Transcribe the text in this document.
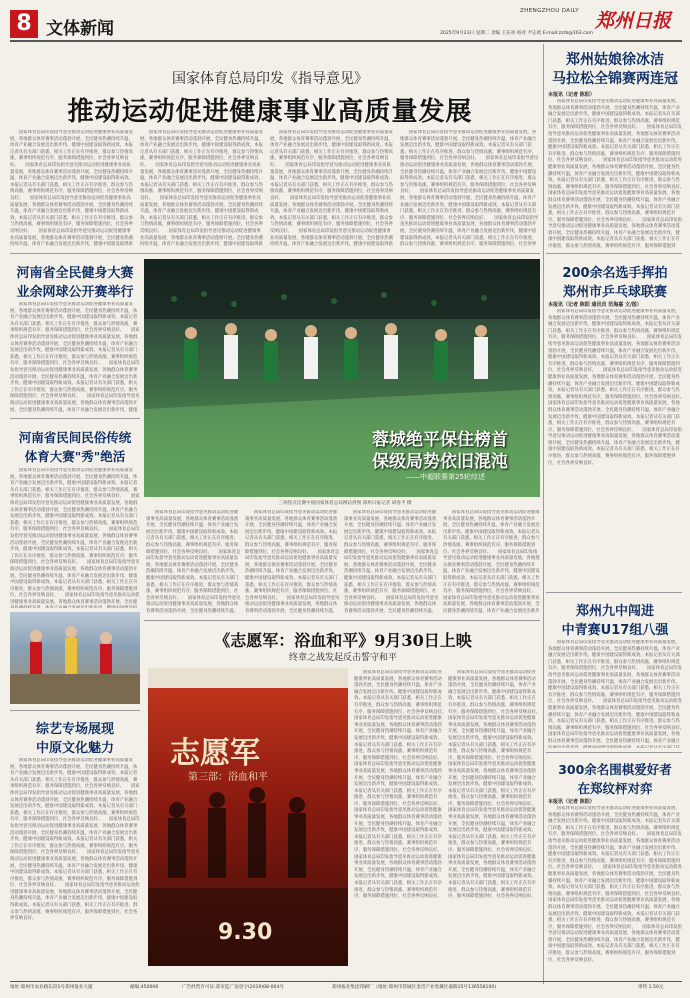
8 文体新闻
ZHENGZHOU DAILY 郑州日报
2025年9月23日 星期二 责编 王东亮 校对 尹志勇 E-mail:zzrb@163.com
国家体育总局印发《指导意见》
推动运动促进健康事业高质量发展
　　国家体育总局印发指导意见推动运动促进健康事业高质量发展，各地群众体育赛事活动蓬勃开展，全民健身热潮持续升温，体育产业融合发展迈出新步伐，健康中国建设取得新成效。本报记者从有关部门获悉，相关工作正在有序推进，群众参与热情高涨，赛事组织规范有序，服务保障措施到位，社会各界反响良好。　　国家体育总局印发指导意见推动运动促进健康事业高质量发展，各地群众体育赛事活动蓬勃开展，全民健身热潮持续升温，体育产业融合发展迈出新步伐，健康中国建设取得新成效。本报记者从有关部门获悉，相关工作正在有序推进，群众参与热情高涨，赛事组织规范有序，服务保障措施到位，社会各界反响良好。　　国家体育总局印发指导意见推动运动促进健康事业高质量发展，各地群众体育赛事活动蓬勃开展，全民健身热潮持续升温，体育产业融合发展迈出新步伐，健康中国建设取得新成效。本报记者从有关部门获悉，相关工作正在有序推进，群众参与热情高涨，赛事组织规范有序，服务保障措施到位，社会各界反响良好。　　国家体育总局印发指导意见推动运动促进健康事业高质量发展，各地群众体育赛事活动蓬勃开展，全民健身热潮持续升温，体育产业融合发展迈出新步伐，健康中国建设取得新成效。本报记者从有关部门获悉，相关工作正在有序推进，群众参与热情高涨，赛事组织规范有序，服务保障措施到位，社会各界反响良好。　　国家体育总局印发指导意见推动运动促进健康事业高质量发展，各地群众体育赛事活动蓬勃开展，全民健身热潮持续升温，体育产业融合发展迈出新步伐，健康中国建设取得新成效。本报记者从有关部门获悉，相关工作正在有序推进，群众参与热情高涨，赛事组织规范有序，服务保障措施到位，社会各界反响良好。
　　国家体育总局印发指导意见推动运动促进健康事业高质量发展，各地群众体育赛事活动蓬勃开展，全民健身热潮持续升温，体育产业融合发展迈出新步伐，健康中国建设取得新成效。本报记者从有关部门获悉，相关工作正在有序推进，群众参与热情高涨，赛事组织规范有序，服务保障措施到位，社会各界反响良好。　　国家体育总局印发指导意见推动运动促进健康事业高质量发展，各地群众体育赛事活动蓬勃开展，全民健身热潮持续升温，体育产业融合发展迈出新步伐，健康中国建设取得新成效。本报记者从有关部门获悉，相关工作正在有序推进，群众参与热情高涨，赛事组织规范有序，服务保障措施到位，社会各界反响良好。　　国家体育总局印发指导意见推动运动促进健康事业高质量发展，各地群众体育赛事活动蓬勃开展，全民健身热潮持续升温，体育产业融合发展迈出新步伐，健康中国建设取得新成效。本报记者从有关部门获悉，相关工作正在有序推进，群众参与热情高涨，赛事组织规范有序，服务保障措施到位，社会各界反响良好。　　国家体育总局印发指导意见推动运动促进健康事业高质量发展，各地群众体育赛事活动蓬勃开展，全民健身热潮持续升温，体育产业融合发展迈出新步伐，健康中国建设取得新成效。本报记者从有关部门获悉，相关工作正在有序推进，群众参与热情高涨，赛事组织规范有序，服务保障措施到位，社会各界反响良好。　　国家体育总局印发指导意见推动运动促进健康事业高质量发展，各地群众体育赛事活动蓬勃开展，全民健身热潮持续升温，体育产业融合发展迈出新步伐，健康中国建设取得新成效。本报记者从有关部门获悉，相关工作正在有序推进，群众参与热情高涨，赛事组织规范有序，服务保障措施到位，社会各界反响良好。
　　国家体育总局印发指导意见推动运动促进健康事业高质量发展，各地群众体育赛事活动蓬勃开展，全民健身热潮持续升温，体育产业融合发展迈出新步伐，健康中国建设取得新成效。本报记者从有关部门获悉，相关工作正在有序推进，群众参与热情高涨，赛事组织规范有序，服务保障措施到位，社会各界反响良好。　　国家体育总局印发指导意见推动运动促进健康事业高质量发展，各地群众体育赛事活动蓬勃开展，全民健身热潮持续升温，体育产业融合发展迈出新步伐，健康中国建设取得新成效。本报记者从有关部门获悉，相关工作正在有序推进，群众参与热情高涨，赛事组织规范有序，服务保障措施到位，社会各界反响良好。　　国家体育总局印发指导意见推动运动促进健康事业高质量发展，各地群众体育赛事活动蓬勃开展，全民健身热潮持续升温，体育产业融合发展迈出新步伐，健康中国建设取得新成效。本报记者从有关部门获悉，相关工作正在有序推进，群众参与热情高涨，赛事组织规范有序，服务保障措施到位，社会各界反响良好。　　国家体育总局印发指导意见推动运动促进健康事业高质量发展，各地群众体育赛事活动蓬勃开展，全民健身热潮持续升温，体育产业融合发展迈出新步伐，健康中国建设取得新成效。本报记者从有关部门获悉，相关工作正在有序推进，群众参与热情高涨，赛事组织规范有序，服务保障措施到位，社会各界反响良好。　　国家体育总局印发指导意见推动运动促进健康事业高质量发展，各地群众体育赛事活动蓬勃开展，全民健身热潮持续升温，体育产业融合发展迈出新步伐，健康中国建设取得新成效。本报记者从有关部门获悉，相关工作正在有序推进，群众参与热情高涨，赛事组织规范有序，服务保障措施到位，社会各界反响良好。
　　国家体育总局印发指导意见推动运动促进健康事业高质量发展，各地群众体育赛事活动蓬勃开展，全民健身热潮持续升温，体育产业融合发展迈出新步伐，健康中国建设取得新成效。本报记者从有关部门获悉，相关工作正在有序推进，群众参与热情高涨，赛事组织规范有序，服务保障措施到位，社会各界反响良好。　　国家体育总局印发指导意见推动运动促进健康事业高质量发展，各地群众体育赛事活动蓬勃开展，全民健身热潮持续升温，体育产业融合发展迈出新步伐，健康中国建设取得新成效。本报记者从有关部门获悉，相关工作正在有序推进，群众参与热情高涨，赛事组织规范有序，服务保障措施到位，社会各界反响良好。　　国家体育总局印发指导意见推动运动促进健康事业高质量发展，各地群众体育赛事活动蓬勃开展，全民健身热潮持续升温，体育产业融合发展迈出新步伐，健康中国建设取得新成效。本报记者从有关部门获悉，相关工作正在有序推进，群众参与热情高涨，赛事组织规范有序，服务保障措施到位，社会各界反响良好。　　国家体育总局印发指导意见推动运动促进健康事业高质量发展，各地群众体育赛事活动蓬勃开展，全民健身热潮持续升温，体育产业融合发展迈出新步伐，健康中国建设取得新成效。本报记者从有关部门获悉，相关工作正在有序推进，群众参与热情高涨，赛事组织规范有序，服务保障措施到位，社会各界反响良好。　　国家体育总局印发指导意见推动运动促进健康事业高质量发展，各地群众体育赛事活动蓬勃开展，全民健身热潮持续升温，体育产业融合发展迈出新步伐，健康中国建设取得新成效。本报记者从有关部门获悉，相关工作正在有序推进，群众参与热情高涨，赛事组织规范有序，服务保障措施到位，社会各界反响良好。
郑州姑娘徐冰洁
马拉松全锦赛两连冠
本报讯（记者 陈阳）
　　国家体育总局印发指导意见推动运动促进健康事业高质量发展，各地群众体育赛事活动蓬勃开展，全民健身热潮持续升温，体育产业融合发展迈出新步伐，健康中国建设取得新成效。本报记者从有关部门获悉，相关工作正在有序推进，群众参与热情高涨，赛事组织规范有序，服务保障措施到位，社会各界反响良好。　　国家体育总局印发指导意见推动运动促进健康事业高质量发展，各地群众体育赛事活动蓬勃开展，全民健身热潮持续升温，体育产业融合发展迈出新步伐，健康中国建设取得新成效。本报记者从有关部门获悉，相关工作正在有序推进，群众参与热情高涨，赛事组织规范有序，服务保障措施到位，社会各界反响良好。　　国家体育总局印发指导意见推动运动促进健康事业高质量发展，各地群众体育赛事活动蓬勃开展，全民健身热潮持续升温，体育产业融合发展迈出新步伐，健康中国建设取得新成效。本报记者从有关部门获悉，相关工作正在有序推进，群众参与热情高涨，赛事组织规范有序，服务保障措施到位，社会各界反响良好。　　国家体育总局印发指导意见推动运动促进健康事业高质量发展，各地群众体育赛事活动蓬勃开展，全民健身热潮持续升温，体育产业融合发展迈出新步伐，健康中国建设取得新成效。本报记者从有关部门获悉，相关工作正在有序推进，群众参与热情高涨，赛事组织规范有序，服务保障措施到位，社会各界反响良好。　　国家体育总局印发指导意见推动运动促进健康事业高质量发展，各地群众体育赛事活动蓬勃开展，全民健身热潮持续升温，体育产业融合发展迈出新步伐，健康中国建设取得新成效。本报记者从有关部门获悉，相关工作正在有序推进，群众参与热情高涨，赛事组织规范有序，服务保障措施到位，社会各界反响良好。
河南省全民健身大赛
业余网球公开赛举行
　　国家体育总局印发指导意见推动运动促进健康事业高质量发展，各地群众体育赛事活动蓬勃开展，全民健身热潮持续升温，体育产业融合发展迈出新步伐，健康中国建设取得新成效。本报记者从有关部门获悉，相关工作正在有序推进，群众参与热情高涨，赛事组织规范有序，服务保障措施到位，社会各界反响良好。　　国家体育总局印发指导意见推动运动促进健康事业高质量发展，各地群众体育赛事活动蓬勃开展，全民健身热潮持续升温，体育产业融合发展迈出新步伐，健康中国建设取得新成效。本报记者从有关部门获悉，相关工作正在有序推进，群众参与热情高涨，赛事组织规范有序，服务保障措施到位，社会各界反响良好。　　国家体育总局印发指导意见推动运动促进健康事业高质量发展，各地群众体育赛事活动蓬勃开展，全民健身热潮持续升温，体育产业融合发展迈出新步伐，健康中国建设取得新成效。本报记者从有关部门获悉，相关工作正在有序推进，群众参与热情高涨，赛事组织规范有序，服务保障措施到位，社会各界反响良好。　　国家体育总局印发指导意见推动运动促进健康事业高质量发展，各地群众体育赛事活动蓬勃开展，全民健身热潮持续升温，体育产业融合发展迈出新步伐，健康中国建设取得新成效。本报记者从有关部门获悉，相关工作正在有序推进，群众参与热情高涨，赛事组织规范有序，服务保障措施到位，社会各界反响良好。　　国家体育总局印发指导意见推动运动促进健康事业高质量发展，各地群众体育赛事活动蓬勃开展，全民健身热潮持续升温，体育产业融合发展迈出新步伐，健康中国建设取得新成效。本报记者从有关部门获悉，相关工作正在有序推进，群众参与热情高涨，赛事组织规范有序，服务保障措施到位，社会各界反响良好。
蓉城绝平保住榜首
保级局势依旧混沌
——中超联赛第25轮综述
三场焦点比赛中国国家体育总局网站供图 郑州日报记者 胡春平 摄
　　国家体育总局印发指导意见推动运动促进健康事业高质量发展，各地群众体育赛事活动蓬勃开展，全民健身热潮持续升温，体育产业融合发展迈出新步伐，健康中国建设取得新成效。本报记者从有关部门获悉，相关工作正在有序推进，群众参与热情高涨，赛事组织规范有序，服务保障措施到位，社会各界反响良好。　　国家体育总局印发指导意见推动运动促进健康事业高质量发展，各地群众体育赛事活动蓬勃开展，全民健身热潮持续升温，体育产业融合发展迈出新步伐，健康中国建设取得新成效。本报记者从有关部门获悉，相关工作正在有序推进，群众参与热情高涨，赛事组织规范有序，服务保障措施到位，社会各界反响良好。　　国家体育总局印发指导意见推动运动促进健康事业高质量发展，各地群众体育赛事活动蓬勃开展，全民健身热潮持续升温，体育产业融合发展迈出新步伐，健康中国建设取得新成效。本报记者从有关部门获悉，相关工作正在有序推进，群众参与热情高涨，赛事组织规范有序，服务保障措施到位，社会各界反响良好。　　国家体育总局印发指导意见推动运动促进健康事业高质量发展，各地群众体育赛事活动蓬勃开展，全民健身热潮持续升温，体育产业融合发展迈出新步伐，健康中国建设取得新成效。本报记者从有关部门获悉，相关工作正在有序推进，群众参与热情高涨，赛事组织规范有序，服务保障措施到位，社会各界反响良好。　　国家体育总局印发指导意见推动运动促进健康事业高质量发展，各地群众体育赛事活动蓬勃开展，全民健身热潮持续升温，体育产业融合发展迈出新步伐，健康中国建设取得新成效。本报记者从有关部门获悉，相关工作正在有序推进，群众参与热情高涨，赛事组织规范有序，服务保障措施到位，社会各界反响良好。
　　国家体育总局印发指导意见推动运动促进健康事业高质量发展，各地群众体育赛事活动蓬勃开展，全民健身热潮持续升温，体育产业融合发展迈出新步伐，健康中国建设取得新成效。本报记者从有关部门获悉，相关工作正在有序推进，群众参与热情高涨，赛事组织规范有序，服务保障措施到位，社会各界反响良好。　　国家体育总局印发指导意见推动运动促进健康事业高质量发展，各地群众体育赛事活动蓬勃开展，全民健身热潮持续升温，体育产业融合发展迈出新步伐，健康中国建设取得新成效。本报记者从有关部门获悉，相关工作正在有序推进，群众参与热情高涨，赛事组织规范有序，服务保障措施到位，社会各界反响良好。　　国家体育总局印发指导意见推动运动促进健康事业高质量发展，各地群众体育赛事活动蓬勃开展，全民健身热潮持续升温，体育产业融合发展迈出新步伐，健康中国建设取得新成效。本报记者从有关部门获悉，相关工作正在有序推进，群众参与热情高涨，赛事组织规范有序，服务保障措施到位，社会各界反响良好。　　国家体育总局印发指导意见推动运动促进健康事业高质量发展，各地群众体育赛事活动蓬勃开展，全民健身热潮持续升温，体育产业融合发展迈出新步伐，健康中国建设取得新成效。本报记者从有关部门获悉，相关工作正在有序推进，群众参与热情高涨，赛事组织规范有序，服务保障措施到位，社会各界反响良好。　　国家体育总局印发指导意见推动运动促进健康事业高质量发展，各地群众体育赛事活动蓬勃开展，全民健身热潮持续升温，体育产业融合发展迈出新步伐，健康中国建设取得新成效。本报记者从有关部门获悉，相关工作正在有序推进，群众参与热情高涨，赛事组织规范有序，服务保障措施到位，社会各界反响良好。
　　国家体育总局印发指导意见推动运动促进健康事业高质量发展，各地群众体育赛事活动蓬勃开展，全民健身热潮持续升温，体育产业融合发展迈出新步伐，健康中国建设取得新成效。本报记者从有关部门获悉，相关工作正在有序推进，群众参与热情高涨，赛事组织规范有序，服务保障措施到位，社会各界反响良好。　　国家体育总局印发指导意见推动运动促进健康事业高质量发展，各地群众体育赛事活动蓬勃开展，全民健身热潮持续升温，体育产业融合发展迈出新步伐，健康中国建设取得新成效。本报记者从有关部门获悉，相关工作正在有序推进，群众参与热情高涨，赛事组织规范有序，服务保障措施到位，社会各界反响良好。　　国家体育总局印发指导意见推动运动促进健康事业高质量发展，各地群众体育赛事活动蓬勃开展，全民健身热潮持续升温，体育产业融合发展迈出新步伐，健康中国建设取得新成效。本报记者从有关部门获悉，相关工作正在有序推进，群众参与热情高涨，赛事组织规范有序，服务保障措施到位，社会各界反响良好。　　国家体育总局印发指导意见推动运动促进健康事业高质量发展，各地群众体育赛事活动蓬勃开展，全民健身热潮持续升温，体育产业融合发展迈出新步伐，健康中国建设取得新成效。本报记者从有关部门获悉，相关工作正在有序推进，群众参与热情高涨，赛事组织规范有序，服务保障措施到位，社会各界反响良好。　　国家体育总局印发指导意见推动运动促进健康事业高质量发展，各地群众体育赛事活动蓬勃开展，全民健身热潮持续升温，体育产业融合发展迈出新步伐，健康中国建设取得新成效。本报记者从有关部门获悉，相关工作正在有序推进，群众参与热情高涨，赛事组织规范有序，服务保障措施到位，社会各界反响良好。
　　国家体育总局印发指导意见推动运动促进健康事业高质量发展，各地群众体育赛事活动蓬勃开展，全民健身热潮持续升温，体育产业融合发展迈出新步伐，健康中国建设取得新成效。本报记者从有关部门获悉，相关工作正在有序推进，群众参与热情高涨，赛事组织规范有序，服务保障措施到位，社会各界反响良好。　　国家体育总局印发指导意见推动运动促进健康事业高质量发展，各地群众体育赛事活动蓬勃开展，全民健身热潮持续升温，体育产业融合发展迈出新步伐，健康中国建设取得新成效。本报记者从有关部门获悉，相关工作正在有序推进，群众参与热情高涨，赛事组织规范有序，服务保障措施到位，社会各界反响良好。　　国家体育总局印发指导意见推动运动促进健康事业高质量发展，各地群众体育赛事活动蓬勃开展，全民健身热潮持续升温，体育产业融合发展迈出新步伐，健康中国建设取得新成效。本报记者从有关部门获悉，相关工作正在有序推进，群众参与热情高涨，赛事组织规范有序，服务保障措施到位，社会各界反响良好。　　国家体育总局印发指导意见推动运动促进健康事业高质量发展，各地群众体育赛事活动蓬勃开展，全民健身热潮持续升温，体育产业融合发展迈出新步伐，健康中国建设取得新成效。本报记者从有关部门获悉，相关工作正在有序推进，群众参与热情高涨，赛事组织规范有序，服务保障措施到位，社会各界反响良好。　　国家体育总局印发指导意见推动运动促进健康事业高质量发展，各地群众体育赛事活动蓬勃开展，全民健身热潮持续升温，体育产业融合发展迈出新步伐，健康中国建设取得新成效。本报记者从有关部门获悉，相关工作正在有序推进，群众参与热情高涨，赛事组织规范有序，服务保障措施到位，社会各界反响良好。
200余名选手挥拍
郑州市乒乓球联赛
本报讯（记者 陈阳 通讯员 范海嘉 文/图）
　　国家体育总局印发指导意见推动运动促进健康事业高质量发展，各地群众体育赛事活动蓬勃开展，全民健身热潮持续升温，体育产业融合发展迈出新步伐，健康中国建设取得新成效。本报记者从有关部门获悉，相关工作正在有序推进，群众参与热情高涨，赛事组织规范有序，服务保障措施到位，社会各界反响良好。　　国家体育总局印发指导意见推动运动促进健康事业高质量发展，各地群众体育赛事活动蓬勃开展，全民健身热潮持续升温，体育产业融合发展迈出新步伐，健康中国建设取得新成效。本报记者从有关部门获悉，相关工作正在有序推进，群众参与热情高涨，赛事组织规范有序，服务保障措施到位，社会各界反响良好。　　国家体育总局印发指导意见推动运动促进健康事业高质量发展，各地群众体育赛事活动蓬勃开展，全民健身热潮持续升温，体育产业融合发展迈出新步伐，健康中国建设取得新成效。本报记者从有关部门获悉，相关工作正在有序推进，群众参与热情高涨，赛事组织规范有序，服务保障措施到位，社会各界反响良好。　　国家体育总局印发指导意见推动运动促进健康事业高质量发展，各地群众体育赛事活动蓬勃开展，全民健身热潮持续升温，体育产业融合发展迈出新步伐，健康中国建设取得新成效。本报记者从有关部门获悉，相关工作正在有序推进，群众参与热情高涨，赛事组织规范有序，服务保障措施到位，社会各界反响良好。　　国家体育总局印发指导意见推动运动促进健康事业高质量发展，各地群众体育赛事活动蓬勃开展，全民健身热潮持续升温，体育产业融合发展迈出新步伐，健康中国建设取得新成效。本报记者从有关部门获悉，相关工作正在有序推进，群众参与热情高涨，赛事组织规范有序，服务保障措施到位，社会各界反响良好。
河南省民间民俗传统
体育大赛"秀"绝活
　　国家体育总局印发指导意见推动运动促进健康事业高质量发展，各地群众体育赛事活动蓬勃开展，全民健身热潮持续升温，体育产业融合发展迈出新步伐，健康中国建设取得新成效。本报记者从有关部门获悉，相关工作正在有序推进，群众参与热情高涨，赛事组织规范有序，服务保障措施到位，社会各界反响良好。　　国家体育总局印发指导意见推动运动促进健康事业高质量发展，各地群众体育赛事活动蓬勃开展，全民健身热潮持续升温，体育产业融合发展迈出新步伐，健康中国建设取得新成效。本报记者从有关部门获悉，相关工作正在有序推进，群众参与热情高涨，赛事组织规范有序，服务保障措施到位，社会各界反响良好。　　国家体育总局印发指导意见推动运动促进健康事业高质量发展，各地群众体育赛事活动蓬勃开展，全民健身热潮持续升温，体育产业融合发展迈出新步伐，健康中国建设取得新成效。本报记者从有关部门获悉，相关工作正在有序推进，群众参与热情高涨，赛事组织规范有序，服务保障措施到位，社会各界反响良好。　　国家体育总局印发指导意见推动运动促进健康事业高质量发展，各地群众体育赛事活动蓬勃开展，全民健身热潮持续升温，体育产业融合发展迈出新步伐，健康中国建设取得新成效。本报记者从有关部门获悉，相关工作正在有序推进，群众参与热情高涨，赛事组织规范有序，服务保障措施到位，社会各界反响良好。　　国家体育总局印发指导意见推动运动促进健康事业高质量发展，各地群众体育赛事活动蓬勃开展，全民健身热潮持续升温，体育产业融合发展迈出新步伐，健康中国建设取得新成效。本报记者从有关部门获悉，相关工作正在有序推进，群众参与热情高涨，赛事组织规范有序，服务保障措施到位，社会各界反响良好。
《志愿军：浴血和平》9月30日上映
终章之战发起反击誓守和平
志愿军
第三部：浴血和平
9.30
　　国家体育总局印发指导意见推动运动促进健康事业高质量发展，各地群众体育赛事活动蓬勃开展，全民健身热潮持续升温，体育产业融合发展迈出新步伐，健康中国建设取得新成效。本报记者从有关部门获悉，相关工作正在有序推进，群众参与热情高涨，赛事组织规范有序，服务保障措施到位，社会各界反响良好。　　国家体育总局印发指导意见推动运动促进健康事业高质量发展，各地群众体育赛事活动蓬勃开展，全民健身热潮持续升温，体育产业融合发展迈出新步伐，健康中国建设取得新成效。本报记者从有关部门获悉，相关工作正在有序推进，群众参与热情高涨，赛事组织规范有序，服务保障措施到位，社会各界反响良好。　　国家体育总局印发指导意见推动运动促进健康事业高质量发展，各地群众体育赛事活动蓬勃开展，全民健身热潮持续升温，体育产业融合发展迈出新步伐，健康中国建设取得新成效。本报记者从有关部门获悉，相关工作正在有序推进，群众参与热情高涨，赛事组织规范有序，服务保障措施到位，社会各界反响良好。　　国家体育总局印发指导意见推动运动促进健康事业高质量发展，各地群众体育赛事活动蓬勃开展，全民健身热潮持续升温，体育产业融合发展迈出新步伐，健康中国建设取得新成效。本报记者从有关部门获悉，相关工作正在有序推进，群众参与热情高涨，赛事组织规范有序，服务保障措施到位，社会各界反响良好。　　国家体育总局印发指导意见推动运动促进健康事业高质量发展，各地群众体育赛事活动蓬勃开展，全民健身热潮持续升温，体育产业融合发展迈出新步伐，健康中国建设取得新成效。本报记者从有关部门获悉，相关工作正在有序推进，群众参与热情高涨，赛事组织规范有序，服务保障措施到位，社会各界反响良好。
　　国家体育总局印发指导意见推动运动促进健康事业高质量发展，各地群众体育赛事活动蓬勃开展，全民健身热潮持续升温，体育产业融合发展迈出新步伐，健康中国建设取得新成效。本报记者从有关部门获悉，相关工作正在有序推进，群众参与热情高涨，赛事组织规范有序，服务保障措施到位，社会各界反响良好。　　国家体育总局印发指导意见推动运动促进健康事业高质量发展，各地群众体育赛事活动蓬勃开展，全民健身热潮持续升温，体育产业融合发展迈出新步伐，健康中国建设取得新成效。本报记者从有关部门获悉，相关工作正在有序推进，群众参与热情高涨，赛事组织规范有序，服务保障措施到位，社会各界反响良好。　　国家体育总局印发指导意见推动运动促进健康事业高质量发展，各地群众体育赛事活动蓬勃开展，全民健身热潮持续升温，体育产业融合发展迈出新步伐，健康中国建设取得新成效。本报记者从有关部门获悉，相关工作正在有序推进，群众参与热情高涨，赛事组织规范有序，服务保障措施到位，社会各界反响良好。　　国家体育总局印发指导意见推动运动促进健康事业高质量发展，各地群众体育赛事活动蓬勃开展，全民健身热潮持续升温，体育产业融合发展迈出新步伐，健康中国建设取得新成效。本报记者从有关部门获悉，相关工作正在有序推进，群众参与热情高涨，赛事组织规范有序，服务保障措施到位，社会各界反响良好。　　国家体育总局印发指导意见推动运动促进健康事业高质量发展，各地群众体育赛事活动蓬勃开展，全民健身热潮持续升温，体育产业融合发展迈出新步伐，健康中国建设取得新成效。本报记者从有关部门获悉，相关工作正在有序推进，群众参与热情高涨，赛事组织规范有序，服务保障措施到位，社会各界反响良好。
郑州九中闯进
中青赛U17组八强
　　国家体育总局印发指导意见推动运动促进健康事业高质量发展，各地群众体育赛事活动蓬勃开展，全民健身热潮持续升温，体育产业融合发展迈出新步伐，健康中国建设取得新成效。本报记者从有关部门获悉，相关工作正在有序推进，群众参与热情高涨，赛事组织规范有序，服务保障措施到位，社会各界反响良好。　　国家体育总局印发指导意见推动运动促进健康事业高质量发展，各地群众体育赛事活动蓬勃开展，全民健身热潮持续升温，体育产业融合发展迈出新步伐，健康中国建设取得新成效。本报记者从有关部门获悉，相关工作正在有序推进，群众参与热情高涨，赛事组织规范有序，服务保障措施到位，社会各界反响良好。　　国家体育总局印发指导意见推动运动促进健康事业高质量发展，各地群众体育赛事活动蓬勃开展，全民健身热潮持续升温，体育产业融合发展迈出新步伐，健康中国建设取得新成效。本报记者从有关部门获悉，相关工作正在有序推进，群众参与热情高涨，赛事组织规范有序，服务保障措施到位，社会各界反响良好。　　国家体育总局印发指导意见推动运动促进健康事业高质量发展，各地群众体育赛事活动蓬勃开展，全民健身热潮持续升温，体育产业融合发展迈出新步伐，健康中国建设取得新成效。本报记者从有关部门获悉，相关工作正在有序推进，群众参与热情高涨，赛事组织规范有序，服务保障措施到位，社会各界反响良好。　　国家体育总局印发指导意见推动运动促进健康事业高质量发展，各地群众体育赛事活动蓬勃开展，全民健身热潮持续升温，体育产业融合发展迈出新步伐，健康中国建设取得新成效。本报记者从有关部门获悉，相关工作正在有序推进，群众参与热情高涨，赛事组织规范有序，服务保障措施到位，社会各界反响良好。
300余名围棋爱好者
在郑纹枰对弈
本报讯（记者 陈阳）
　　国家体育总局印发指导意见推动运动促进健康事业高质量发展，各地群众体育赛事活动蓬勃开展，全民健身热潮持续升温，体育产业融合发展迈出新步伐，健康中国建设取得新成效。本报记者从有关部门获悉，相关工作正在有序推进，群众参与热情高涨，赛事组织规范有序，服务保障措施到位，社会各界反响良好。　　国家体育总局印发指导意见推动运动促进健康事业高质量发展，各地群众体育赛事活动蓬勃开展，全民健身热潮持续升温，体育产业融合发展迈出新步伐，健康中国建设取得新成效。本报记者从有关部门获悉，相关工作正在有序推进，群众参与热情高涨，赛事组织规范有序，服务保障措施到位，社会各界反响良好。　　国家体育总局印发指导意见推动运动促进健康事业高质量发展，各地群众体育赛事活动蓬勃开展，全民健身热潮持续升温，体育产业融合发展迈出新步伐，健康中国建设取得新成效。本报记者从有关部门获悉，相关工作正在有序推进，群众参与热情高涨，赛事组织规范有序，服务保障措施到位，社会各界反响良好。　　国家体育总局印发指导意见推动运动促进健康事业高质量发展，各地群众体育赛事活动蓬勃开展，全民健身热潮持续升温，体育产业融合发展迈出新步伐，健康中国建设取得新成效。本报记者从有关部门获悉，相关工作正在有序推进，群众参与热情高涨，赛事组织规范有序，服务保障措施到位，社会各界反响良好。　　国家体育总局印发指导意见推动运动促进健康事业高质量发展，各地群众体育赛事活动蓬勃开展，全民健身热潮持续升温，体育产业融合发展迈出新步伐，健康中国建设取得新成效。本报记者从有关部门获悉，相关工作正在有序推进，群众参与热情高涨，赛事组织规范有序，服务保障措施到位，社会各界反响良好。
综艺专场展现
中原文化魅力
　　国家体育总局印发指导意见推动运动促进健康事业高质量发展，各地群众体育赛事活动蓬勃开展，全民健身热潮持续升温，体育产业融合发展迈出新步伐，健康中国建设取得新成效。本报记者从有关部门获悉，相关工作正在有序推进，群众参与热情高涨，赛事组织规范有序，服务保障措施到位，社会各界反响良好。　　国家体育总局印发指导意见推动运动促进健康事业高质量发展，各地群众体育赛事活动蓬勃开展，全民健身热潮持续升温，体育产业融合发展迈出新步伐，健康中国建设取得新成效。本报记者从有关部门获悉，相关工作正在有序推进，群众参与热情高涨，赛事组织规范有序，服务保障措施到位，社会各界反响良好。　　国家体育总局印发指导意见推动运动促进健康事业高质量发展，各地群众体育赛事活动蓬勃开展，全民健身热潮持续升温，体育产业融合发展迈出新步伐，健康中国建设取得新成效。本报记者从有关部门获悉，相关工作正在有序推进，群众参与热情高涨，赛事组织规范有序，服务保障措施到位，社会各界反响良好。　　国家体育总局印发指导意见推动运动促进健康事业高质量发展，各地群众体育赛事活动蓬勃开展，全民健身热潮持续升温，体育产业融合发展迈出新步伐，健康中国建设取得新成效。本报记者从有关部门获悉，相关工作正在有序推进，群众参与热情高涨，赛事组织规范有序，服务保障措施到位，社会各界反响良好。　　国家体育总局印发指导意见推动运动促进健康事业高质量发展，各地群众体育赛事活动蓬勃开展，全民健身热潮持续升温，体育产业融合发展迈出新步伐，健康中国建设取得新成效。本报记者从有关部门获悉，相关工作正在有序推进，群众参与热情高涨，赛事组织规范有序，服务保障措施到位，社会各界反响良好。
地址:郑州市农业路东段1号郑州报业大厦	邮编:450006	广告经营许可证:郑市监广发登字(2019)08-004号	郑州报业集团印刷厂（地址:郑州市管城区金岱产业集聚区嘉路15号136558100)	零售 1.50元
